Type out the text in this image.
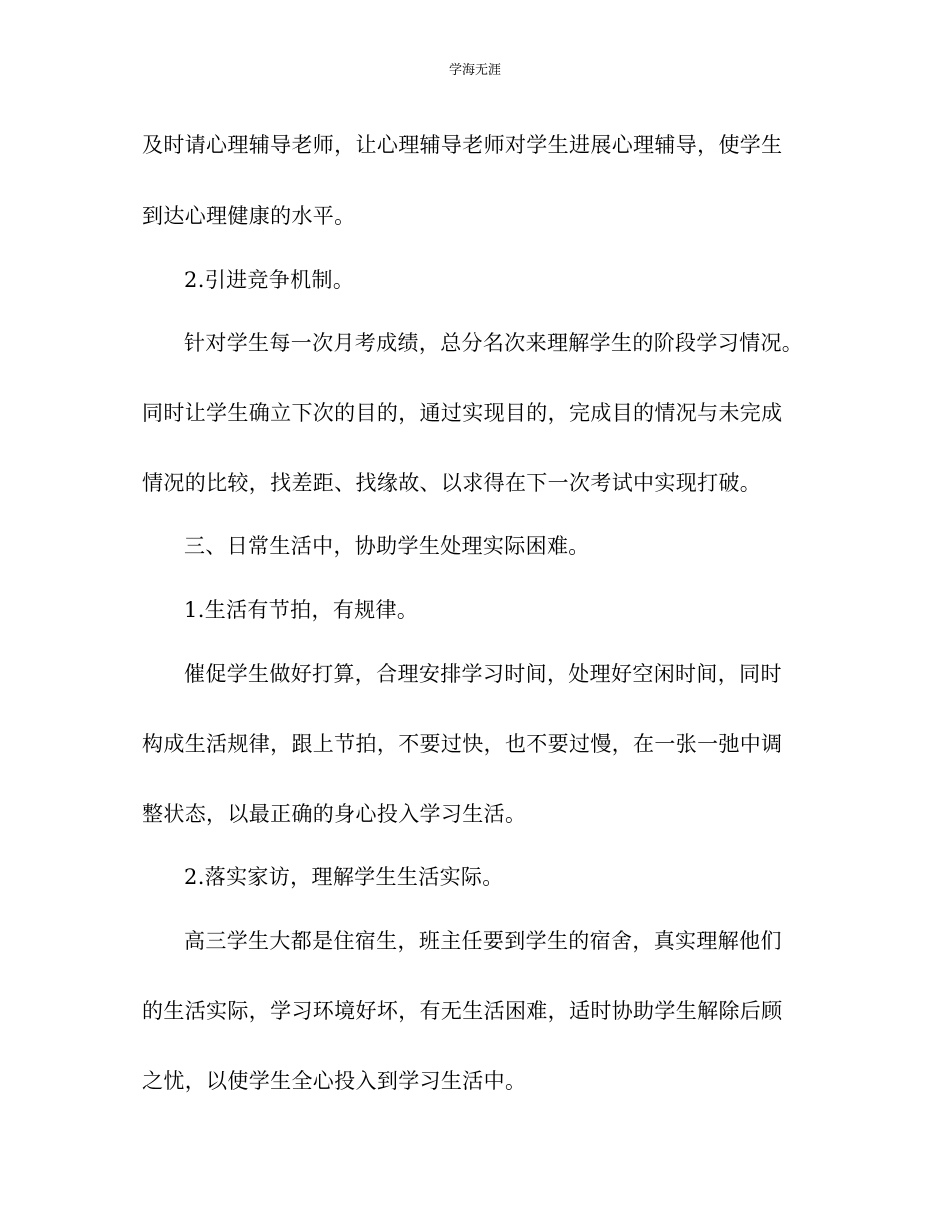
学海无涯
及时请心理辅导老师，让心理辅导老师对学生进展心理辅导，使学生
到达心理健康的水平。
2.引进竞争机制。
针对学生每一次月考成绩，总分名次来理解学生的阶段学习情况。
同时让学生确立下次的目的，通过实现目的，完成目的情况与未完成
情况的比较，找差距、找缘故、以求得在下一次考试中实现打破。
三、日常生活中，协助学生处理实际困难。
1.生活有节拍，有规律。
催促学生做好打算，合理安排学习时间，处理好空闲时间，同时
构成生活规律，跟上节拍，不要过快，也不要过慢，在一张一弛中调
整状态，以最正确的身心投入学习生活。
2.落实家访，理解学生生活实际。
高三学生大都是住宿生，班主任要到学生的宿舍，真实理解他们
的生活实际，学习环境好坏，有无生活困难，适时协助学生解除后顾
之忧，以使学生全心投入到学习生活中。
